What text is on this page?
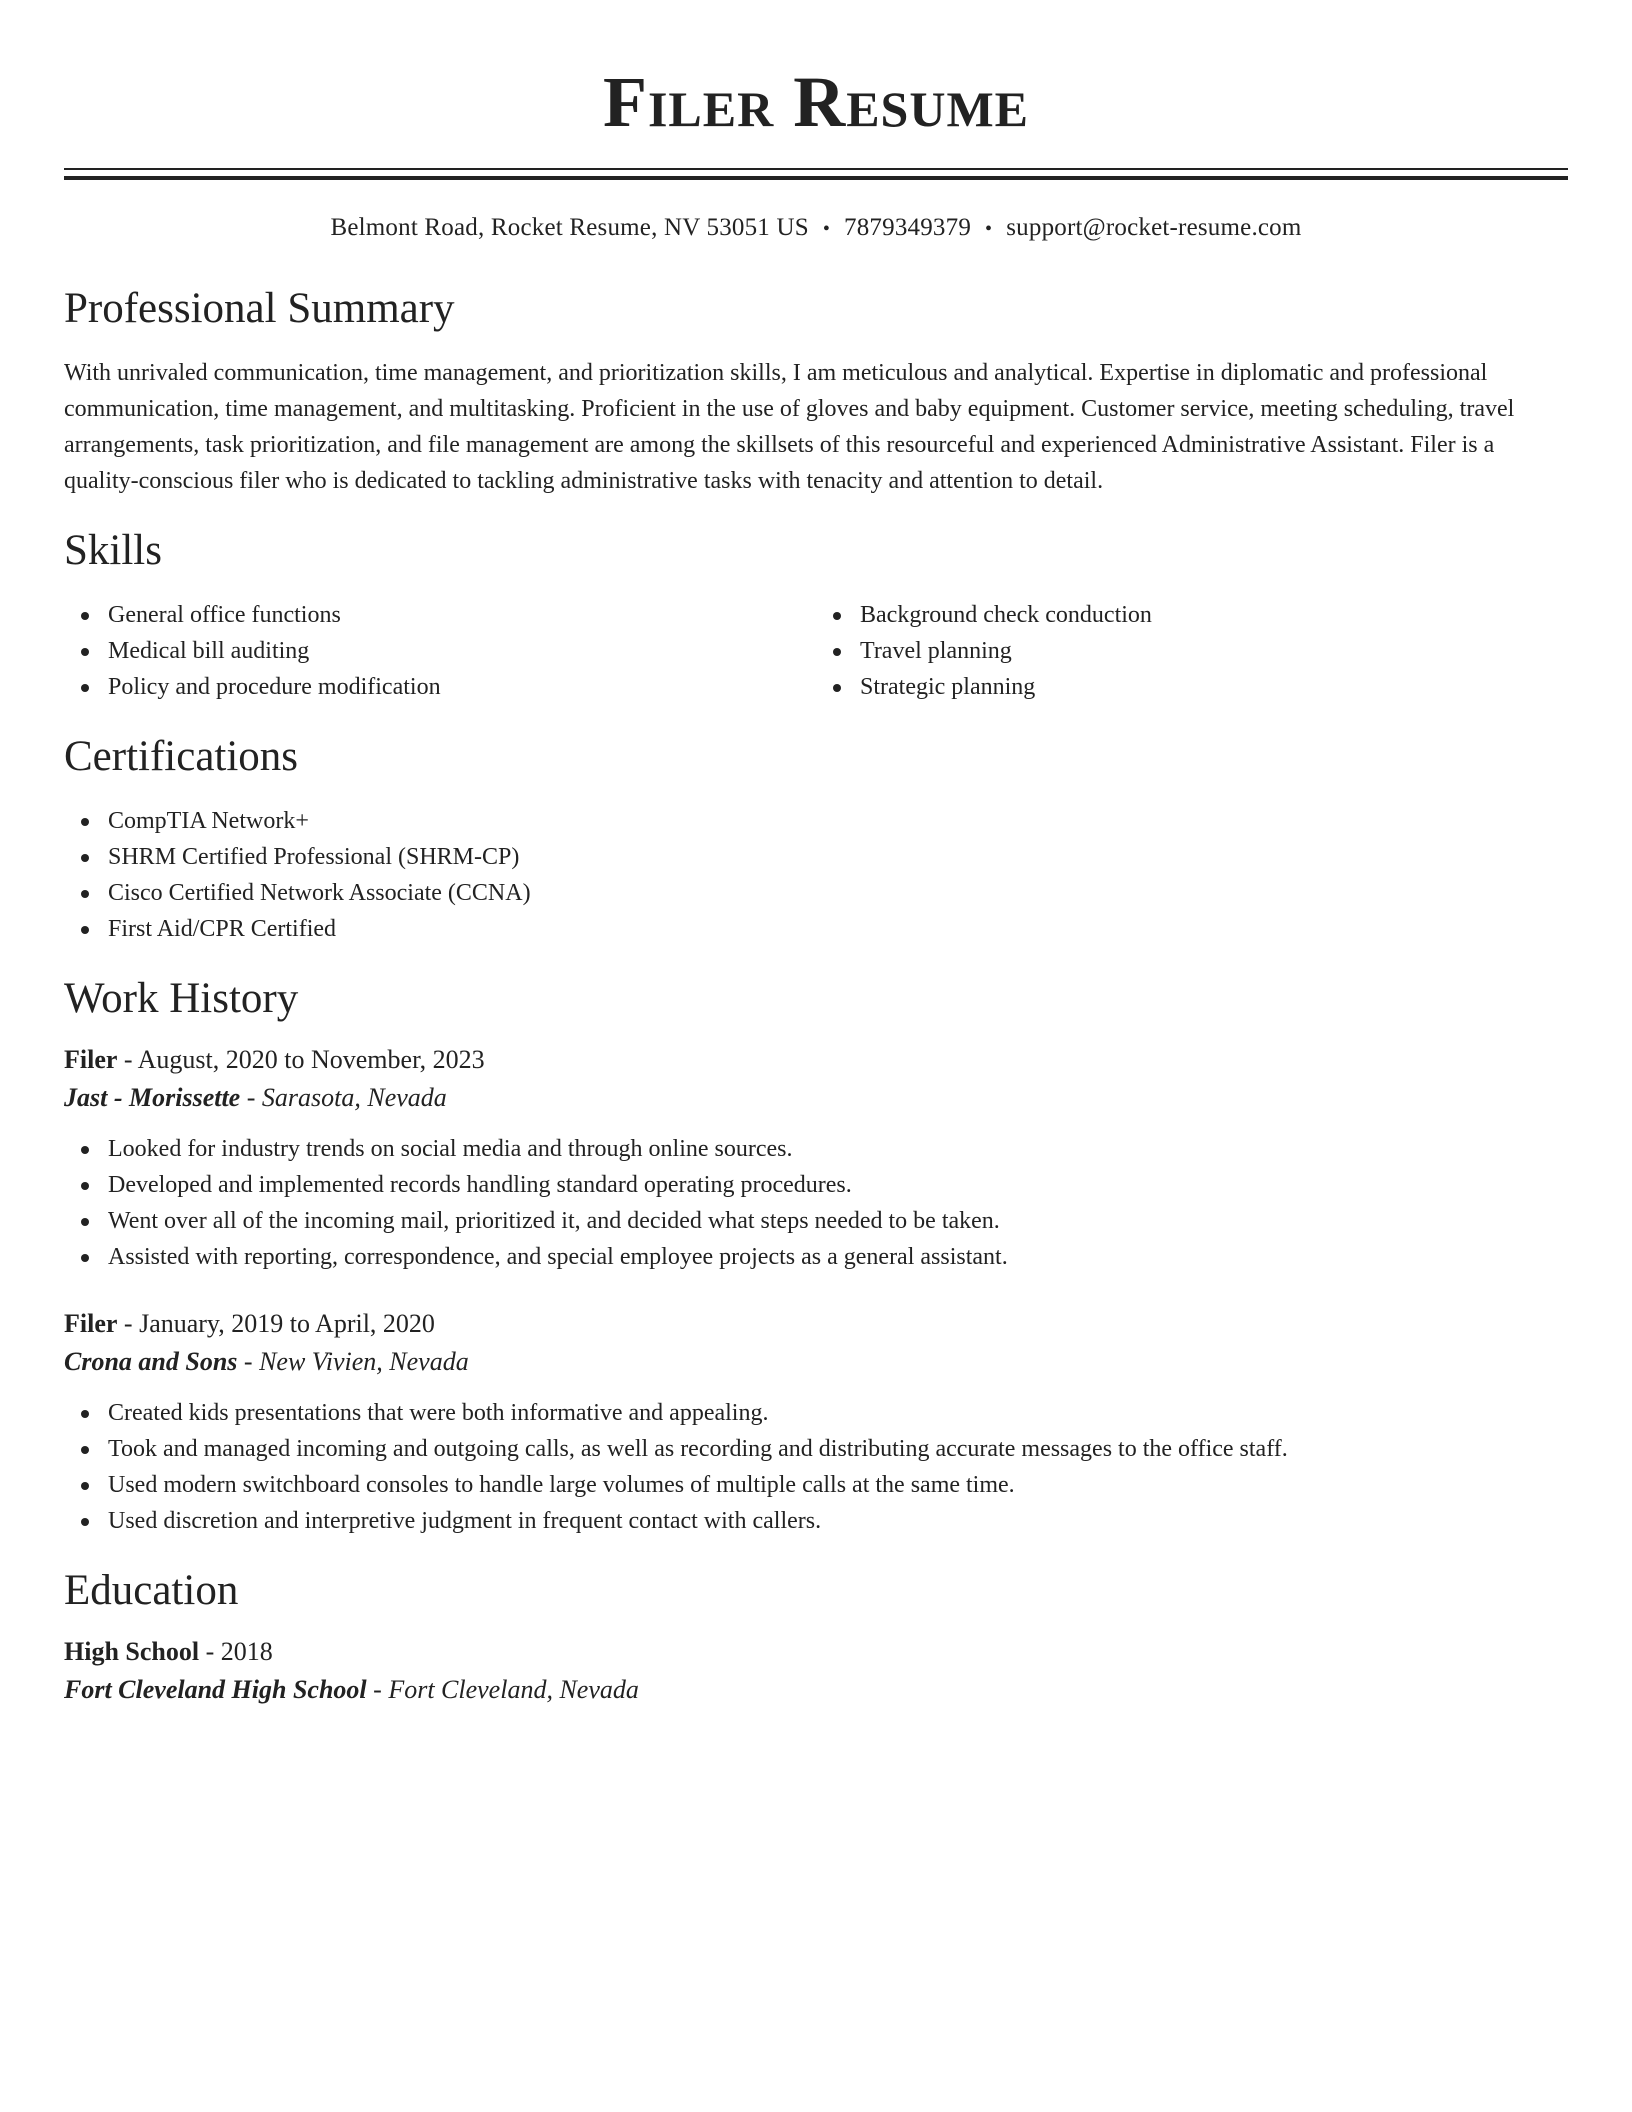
Filer Resume
Belmont Road, Rocket Resume, NV 53051 US • 7879349379 • support@rocket-resume.com
Professional Summary
With unrivaled communication, time management, and prioritization skills, I am meticulous and analytical. Expertise in diplomatic and professional communication, time management, and multitasking. Proficient in the use of gloves and baby equipment. Customer service, meeting scheduling, travel arrangements, task prioritization, and file management are among the skillsets of this resourceful and experienced Administrative Assistant. Filer is a quality-conscious filer who is dedicated to tackling administrative tasks with tenacity and attention to detail.
Skills
General office functions
Medical bill auditing
Policy and procedure modification
Background check conduction
Travel planning
Strategic planning
Certifications
CompTIA Network+
SHRM Certified Professional (SHRM-CP)
Cisco Certified Network Associate (CCNA)
First Aid/CPR Certified
Work History
Filer - August, 2020 to November, 2023
Jast - Morissette - Sarasota, Nevada
Looked for industry trends on social media and through online sources.
Developed and implemented records handling standard operating procedures.
Went over all of the incoming mail, prioritized it, and decided what steps needed to be taken.
Assisted with reporting, correspondence, and special employee projects as a general assistant.
Filer - January, 2019 to April, 2020
Crona and Sons - New Vivien, Nevada
Created kids presentations that were both informative and appealing.
Took and managed incoming and outgoing calls, as well as recording and distributing accurate messages to the office staff.
Used modern switchboard consoles to handle large volumes of multiple calls at the same time.
Used discretion and interpretive judgment in frequent contact with callers.
Education
High School - 2018
Fort Cleveland High School - Fort Cleveland, Nevada
